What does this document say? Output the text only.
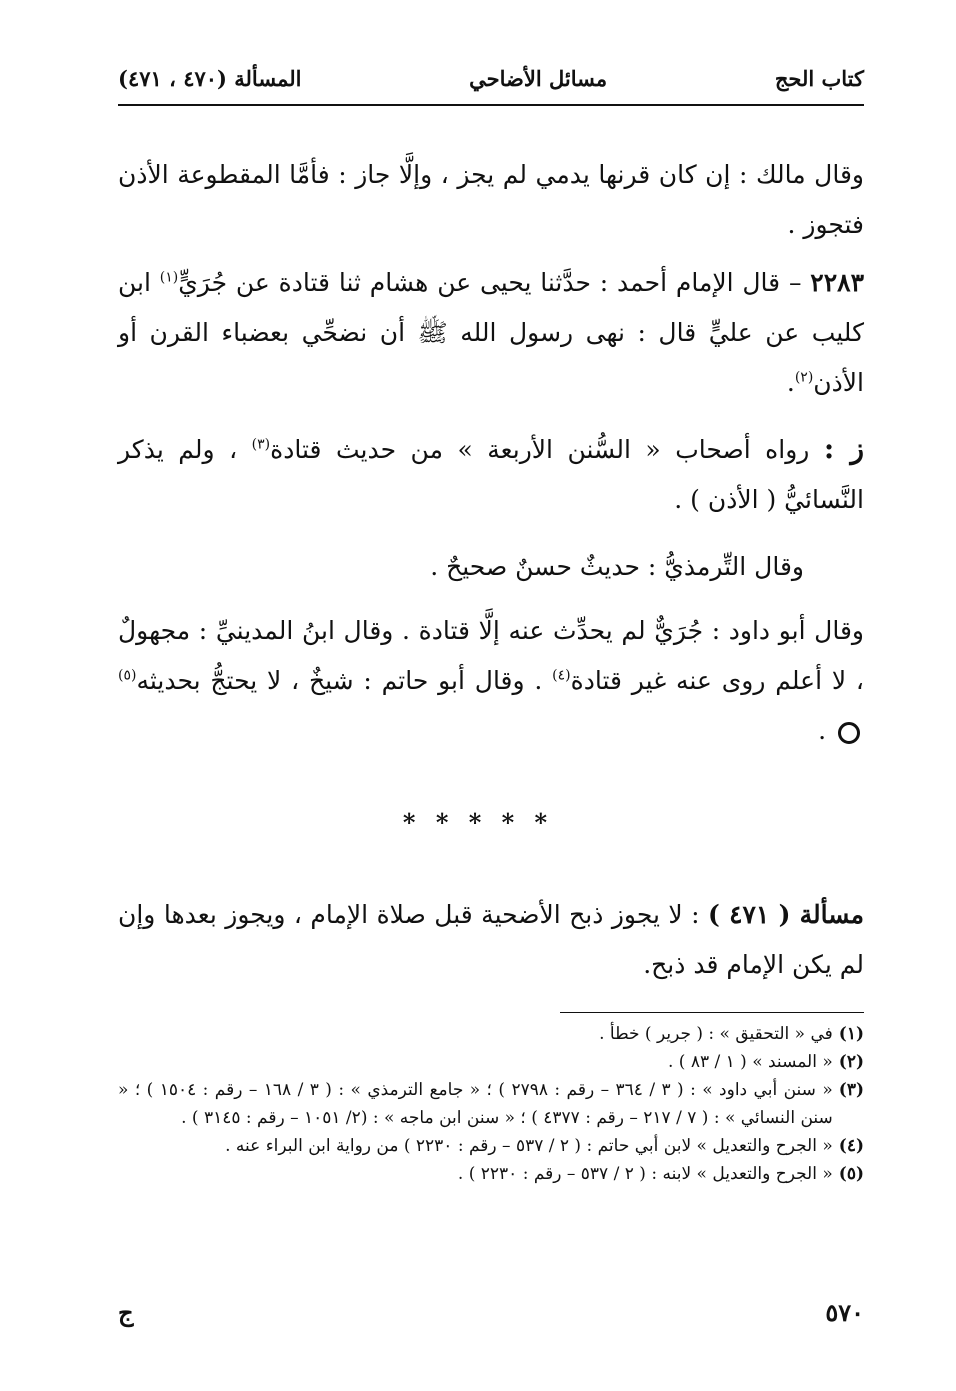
كتاب الحج
مسائل الأضاحي
المسألة (٤٧٠ ، ٤٧١)
وقال مالك : إن كان قرنها يدمي لم يجز ، وإلَّا جاز : فأمَّا المقطوعة الأذن فتجوز .
٢٢٨٣ – قال الإمام أحمد : حدَّثنا يحيى عن هشام ثنا قتادة عن جُرَيٍّ$^{(١)}$ ابن كليب عن عليٍّ قال : نهى رسول الله ﷺ أن نضحِّي بعضباء القرن أو الأذن$^{(٢)}$.
ز : رواه أصحاب « السُّنن الأربعة » من حديث قتادة$^{(٣)}$ ، ولم يذكر النَّسائيُّ ( الأذن ) .
وقال التِّرمذيُّ : حديثٌ حسنٌ صحيحٌ .
وقال أبو داود : جُرَيٌّ لم يحدِّث عنه إلَّا قتادة . وقال ابنُ المدينيِّ : مجهولٌ ، لا أعلم روى عنه غير قتادة$^{(٤)}$ . وقال أبو حاتم : شيخٌ ، لا يحتجُّ بحديثه$^{(٥)}$ .
* * * * *
مسألة ( ٤٧١ ) : لا يجوز ذبح الأضحية قبل صلاة الإمام ، ويجوز بعدها وإن لم يكن الإمام قد ذبح.
(١)
في « التحقيق » : ( جرير ) خطأ .
(٢)
« المسند » ( ١ / ٨٣ ) .
(٣)
« سنن أبي داود » : ( ٣ / ٣٦٤ – رقم : ٢٧٩٨ ) ؛ « جامع الترمذي » : ( ٣ / ١٦٨ – رقم : ١٥٠٤ ) ؛ « سنن النسائي » : ( ٧ / ٢١٧ – رقم : ٤٣٧٧ ) ؛ « سنن ابن ماجه » : (٢/ ١٠٥١ – رقم : ٣١٤٥ ) .
(٤)
« الجرح والتعديل » لابن أبي حاتم : ( ٢ / ٥٣٧ – رقم : ٢٢٣٠ ) من رواية ابن البراء عنه .
(٥)
« الجرح والتعديل » لابنه : ( ٢ / ٥٣٧ – رقم : ٢٢٣٠ ) .
٥٧٠
ج
